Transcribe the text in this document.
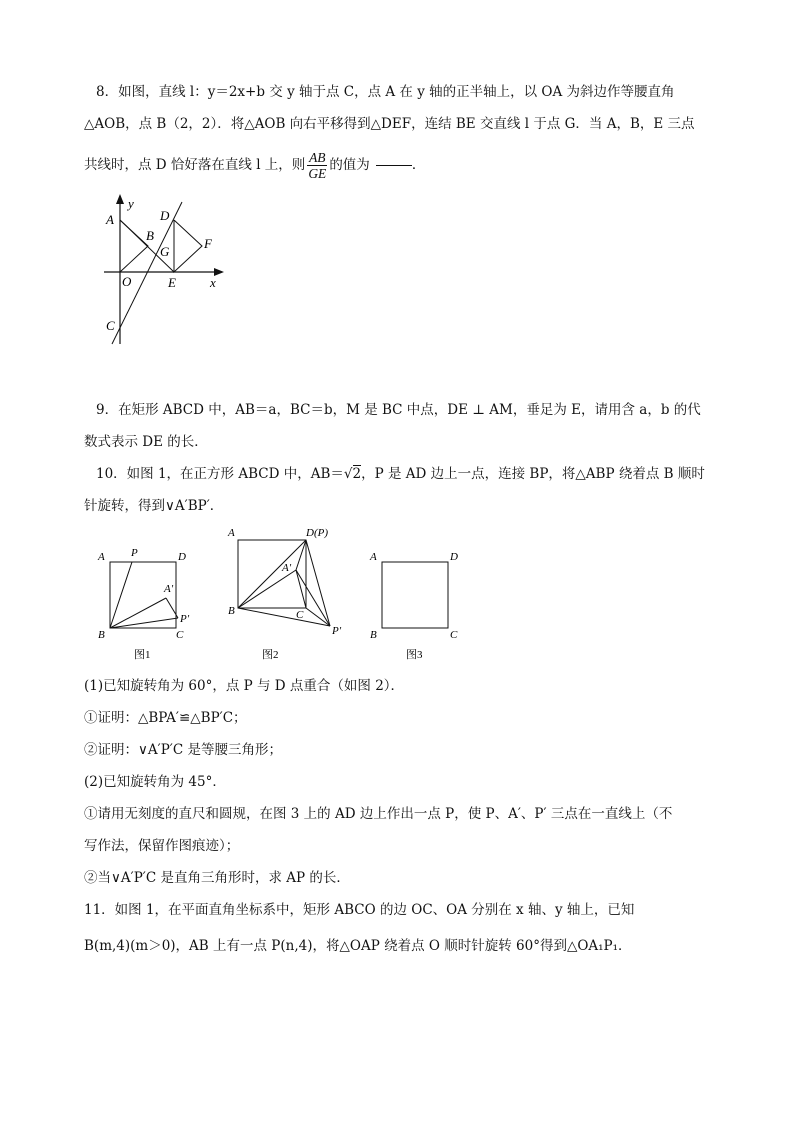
8．如图，直线 l：y＝2x+b 交 y 轴于点 C，点 A 在 y 轴的正半轴上，以 OA 为斜边作等腰直角
△AOB，点 B（2，2）．将△AOB 向右平移得到△DEF，连结 BE 交直线 l 于点 G．当 A，B，E 三点
共线时，点 D 恰好落在直线 l 上，则 $\frac{AB}{GE}$ 的值为	．
y
A	D
B
G
F
O	E	x
C
9．在矩形 ABCD 中，AB＝a，BC＝b，M 是 BC 中点，DE ⊥ AM，垂足为 E，请用含 a，b 的代
数式表示 DE 的长．
10．如图 1，在正方形 ABCD 中，AB＝√2，P 是 AD 边上一点，连接 BP，将△ABP 绕着点 B 顺时
针旋转，得到∨A′BP′．
A P	D
A′
P′
B	C
图1
A	D(P)
A′
B	C
P′
图2
A	D
B	C
图3
(1)已知旋转角为 60°，点 P 与 D 点重合（如图 2）．
①证明：△BPA′≌△BP′C；
②证明：∨A′P′C 是等腰三角形；
(2)已知旋转角为 45°．
①请用无刻度的直尺和圆规，在图 3 上的 AD 边上作出一点 P，使 P、A′、P′ 三点在一直线上（不
写作法，保留作图痕迹）；
②当∨A′P′C 是直角三角形时，求 AP 的长．
11．如图 1，在平面直角坐标系中，矩形 ABCO 的边 OC、OA 分别在 x 轴、y 轴上，已知
B(m,4)(m＞0)，AB 上有一点 P(n,4)，将△OAP 绕着点 O 顺时针旋转 60°得到△OA₁P₁．
